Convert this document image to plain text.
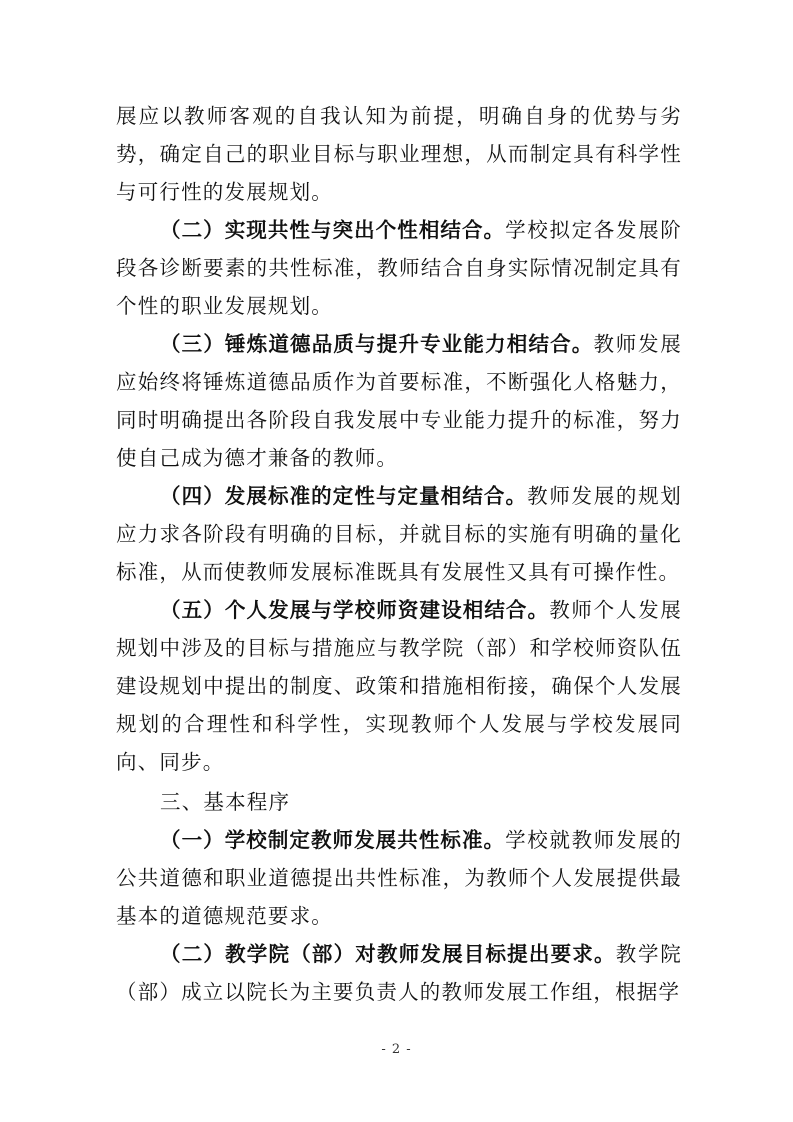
展应以教师客观的自我认知为前提，明确自身的优势与劣势，确定自己的职业目标与职业理想，从而制定具有科学性与可行性的发展规划。

（二）实现共性与突出个性相结合。学校拟定各发展阶段各诊断要素的共性标准，教师结合自身实际情况制定具有个性的职业发展规划。

（三）锤炼道德品质与提升专业能力相结合。教师发展应始终将锤炼道德品质作为首要标准，不断强化人格魅力，同时明确提出各阶段自我发展中专业能力提升的标准，努力使自己成为德才兼备的教师。

（四）发展标准的定性与定量相结合。教师发展的规划应力求各阶段有明确的目标，并就目标的实施有明确的量化标准，从而使教师发展标准既具有发展性又具有可操作性。

（五）个人发展与学校师资建设相结合。教师个人发展规划中涉及的目标与措施应与教学院（部）和学校师资队伍建设规划中提出的制度、政策和措施相衔接，确保个人发展规划的合理性和科学性，实现教师个人发展与学校发展同向、同步。

三、基本程序

（一）学校制定教师发展共性标准。学校就教师发展的公共道德和职业道德提出共性标准，为教师个人发展提供最基本的道德规范要求。

（二）教学院（部）对教师发展目标提出要求。教学院（部）成立以院长为主要负责人的教师发展工作组，根据学

- 2 -
